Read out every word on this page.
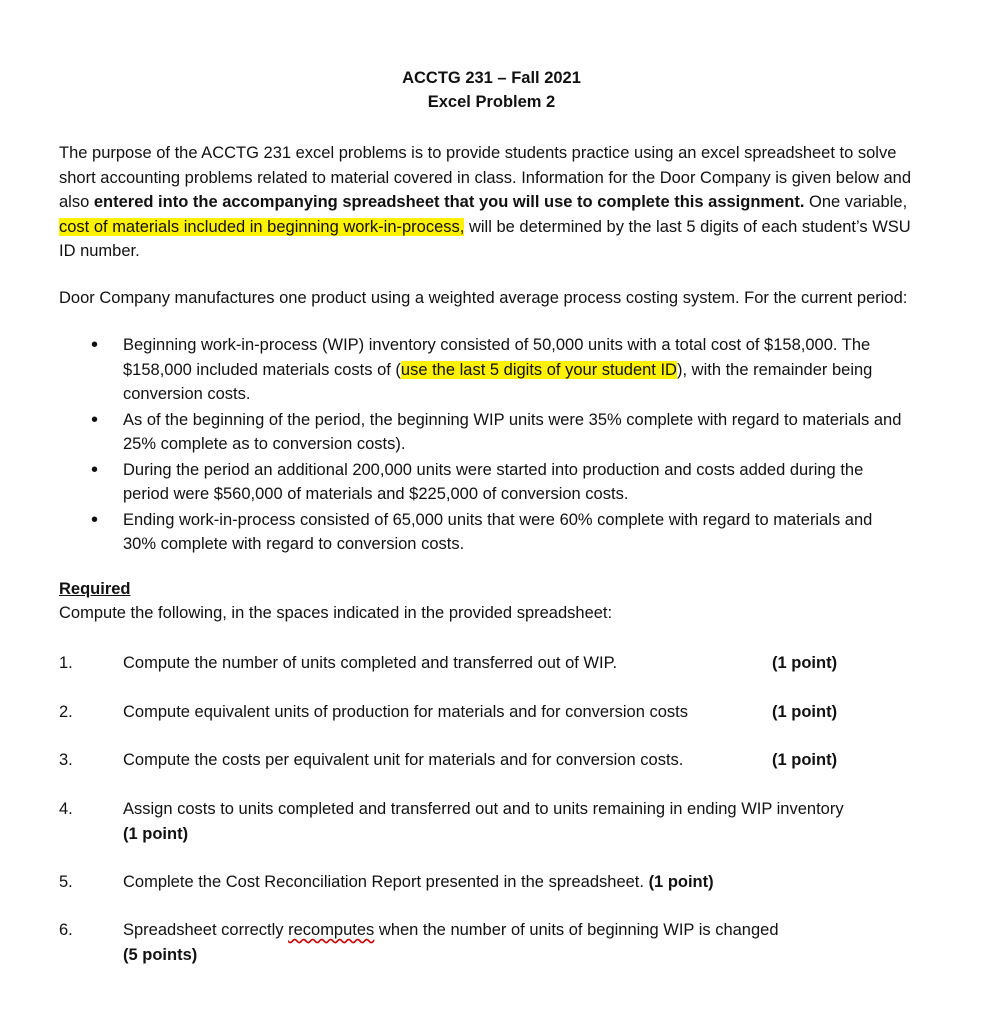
ACCTG 231 – Fall 2021
Excel Problem 2

The purpose of the ACCTG 231 excel problems is to provide students practice using an excel spreadsheet to solve short accounting problems related to material covered in class. Information for the Door Company is given below and also entered into the accompanying spreadsheet that you will use to complete this assignment. One variable, cost of materials included in beginning work-in-process, will be determined by the last 5 digits of each student’s WSU ID number.

Door Company manufactures one product using a weighted average process costing system. For the current period:

• Beginning work-in-process (WIP) inventory consisted of 50,000 units with a total cost of $158,000. The $158,000 included materials costs of (use the last 5 digits of your student ID), with the remainder being conversion costs.
• As of the beginning of the period, the beginning WIP units were 35% complete with regard to materials and 25% complete as to conversion costs).
• During the period an additional 200,000 units were started into production and costs added during the period were $560,000 of materials and $225,000 of conversion costs.
• Ending work-in-process consisted of 65,000 units that were 60% complete with regard to materials and 30% complete with regard to conversion costs.
Required
Compute the following, in the spaces indicated in the provided spreadsheet:
1.	Compute the number of units completed and transferred out of WIP.	(1 point)
2.	Compute equivalent units of production for materials and for conversion costs	(1 point)
3.	Compute the costs per equivalent unit for materials and for conversion costs.	(1 point)
4.	Assign costs to units completed and transferred out and to units remaining in ending WIP inventory (1 point)
5.	Complete the Cost Reconciliation Report presented in the spreadsheet. (1 point)
6.	Spreadsheet correctly recomputes when the number of units of beginning WIP is changed
(5 points)
